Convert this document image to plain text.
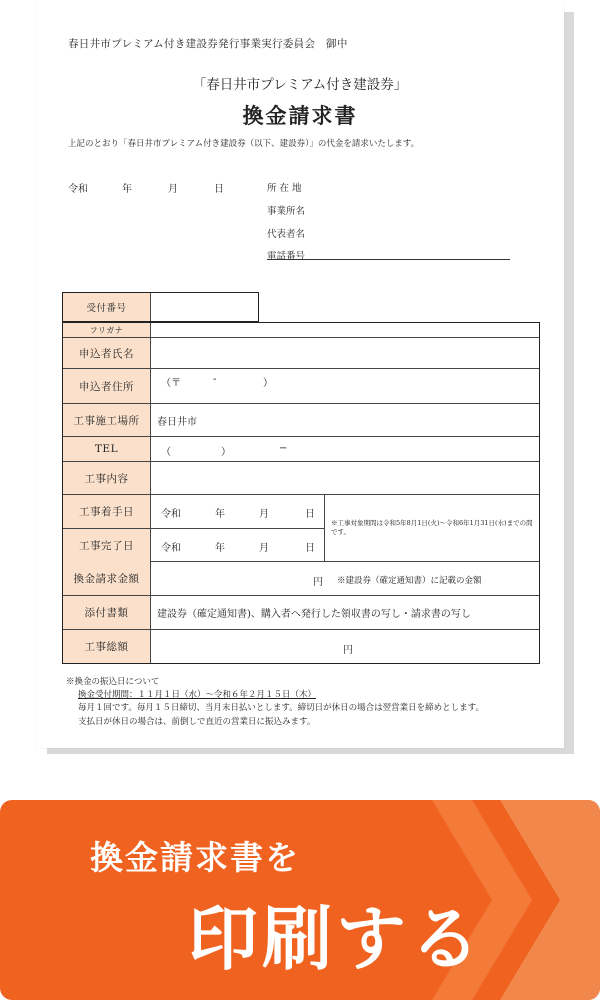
春日井市プレミアム付き建設券発行事業実行委員会　御中
「春日井市プレミアム付き建設券」
換金請求書
上記のとおり「春日井市プレミアム付き建設券（以下、建設券）」の代金を請求いたします。
令和	年	月	日	所 在 地
事業所名
代表者名
電話番号
受付番号
フリガナ
申込者氏名
申込者住所	（〒	-	）
工事施工場所	春日井市
TEL	（	）	−
工事内容
工事着手日	令和	年	月	日
工事完了日	令和	年	月	日
※工事対象期間は令和5年8月1日(火)〜令和6年1月31日(水)までの間です。
換金請求金額	円 ※建設券（確定通知書）に記載の金額
添付書類	建設券（確定通知書)、購入者へ発行した領収書の写し・請求書の写し
工事総額	円
※換金の振込日について
換金受付期間：１１月１日（水）～令和６年２月１５日（木）
毎月１回です。毎月１５日締切、当月末日払いとします。締切日が休日の場合は翌営業日を締めとします。
支払日が休日の場合は、前倒しで直近の営業日に振込みます。
換金請求書を
印刷する
